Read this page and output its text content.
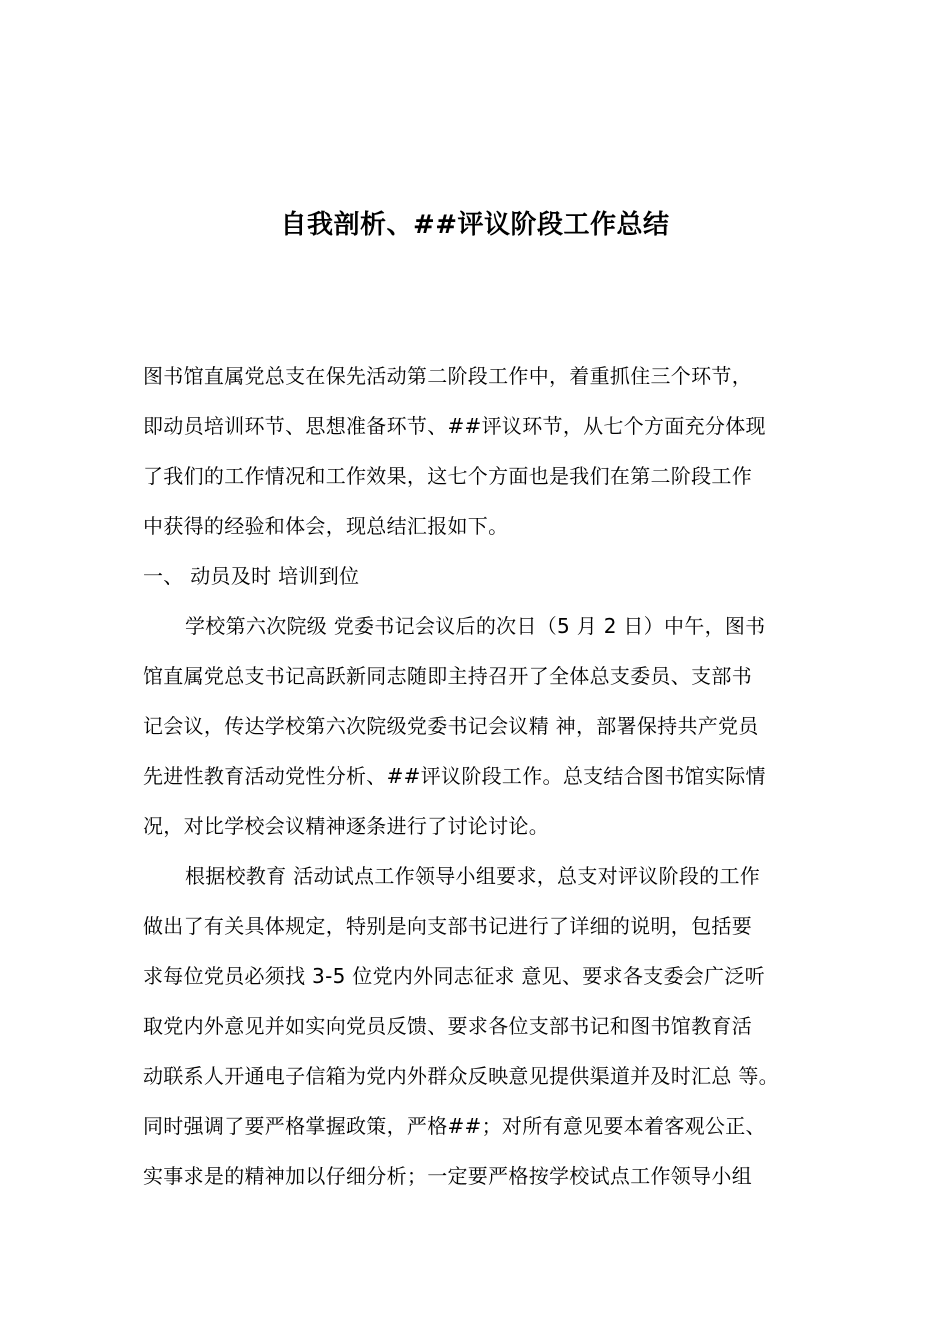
自我剖析、##评议阶段工作总结
图书馆直属党总支在保先活动第二阶段工作中，着重抓住三个环节，
即动员培训环节、思想准备环节、##评议环节，从七个方面充分体现
了我们的工作情况和工作效果，这七个方面也是我们在第二阶段工作
中获得的经验和体会，现总结汇报如下。
一、 动员及时 培训到位
学校第六次院级 党委书记会议后的次日（5 月 2 日）中午，图书
馆直属党总支书记高跃新同志随即主持召开了全体总支委员、支部书
记会议，传达学校第六次院级党委书记会议精 神，部署保持共产党员
先进性教育活动党性分析、##评议阶段工作。总支结合图书馆实际情
况，对比学校会议精神逐条进行了讨论讨论。
根据校教育 活动试点工作领导小组要求，总支对评议阶段的工作
做出了有关具体规定，特别是向支部书记进行了详细的说明，包括要
求每位党员必须找 3-5 位党内外同志征求 意见、要求各支委会广泛听
取党内外意见并如实向党员反馈、要求各位支部书记和图书馆教育活
动联系人开通电子信箱为党内外群众反映意见提供渠道并及时汇总 等。
同时强调了要严格掌握政策，严格##；对所有意见要本着客观公正、
实事求是的精神加以仔细分析；一定要严格按学校试点工作领导小组
